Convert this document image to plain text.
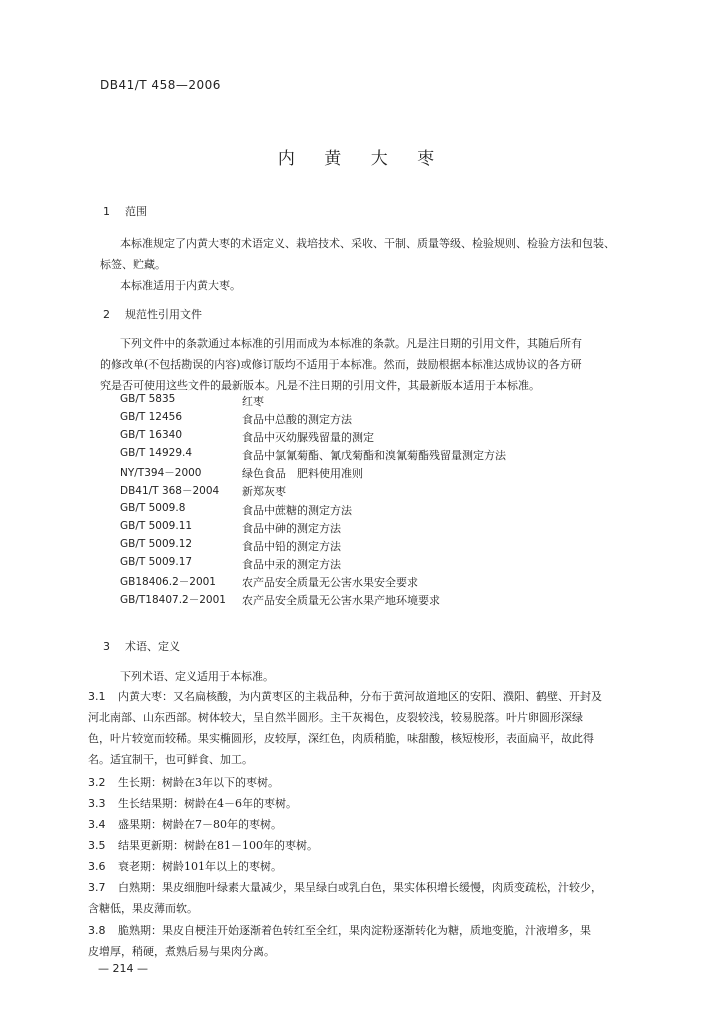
DB41/T 458—2006
内 黄 大 枣
1 范围
本标准规定了内黄大枣的术语定义、栽培技术、采收、干制、质量等级、检验规则、检验方法和包装、
标签、贮藏。
本标准适用于内黄大枣。
2 规范性引用文件
下列文件中的条款通过本标准的引用而成为本标准的条款。凡是注日期的引用文件，其随后所有
的修改单(不包括勘误的内容)或修订版均不适用于本标准。然而，鼓励根据本标准达成协议的各方研
究是否可使用这些文件的最新版本。凡是不注日期的引用文件，其最新版本适用于本标准。
GB/T 5835	红枣
GB/T 12456	食品中总酸的测定方法
GB/T 16340	食品中灭幼脲残留量的测定
GB/T 14929.4	食品中氯氰菊酯、氰戊菊酯和溴氰菊酯残留量测定方法
NY/T394－2000	绿色食品　肥料使用准则
DB41/T 368－2004	新郑灰枣
GB/T 5009.8	食品中蔗糖的测定方法
GB/T 5009.11	食品中砷的测定方法
GB/T 5009.12	食品中铅的测定方法
GB/T 5009.17	食品中汞的测定方法
GB18406.2－2001	农产品安全质量无公害水果安全要求
GB/T18407.2－2001	农产品安全质量无公害水果产地环境要求
3 术语、定义
下列术语、定义适用于本标准。
3.1 内黄大枣：又名扁核酸，为内黄枣区的主栽品种，分布于黄河故道地区的安阳、濮阳、鹤壁、开封及
河北南部、山东西部。树体较大，呈自然半圆形。主干灰褐色，皮裂较浅，较易脱落。叶片卵圆形深绿
色，叶片较宽而较稀。果实椭圆形，皮较厚，深红色，肉质稍脆，味甜酸，核短梭形，表面扁平，故此得
名。适宜制干，也可鲜食、加工。
3.2 生长期：树龄在3年以下的枣树。
3.3 生长结果期：树龄在4－6年的枣树。
3.4 盛果期：树龄在7－80年的枣树。
3.5 结果更新期：树龄在81－100年的枣树。
3.6 衰老期：树龄101年以上的枣树。
3.7 白熟期：果皮细胞叶绿素大量减少，果呈绿白或乳白色，果实体积增长缓慢，肉质变疏松，汁较少，
含糖低，果皮薄而软。
3.8 脆熟期：果皮自梗洼开始逐渐着色转红至全红，果肉淀粉逐渐转化为糖，质地变脆，汁液增多，果
皮增厚，稍硬，煮熟后易与果肉分离。
— 214 —
